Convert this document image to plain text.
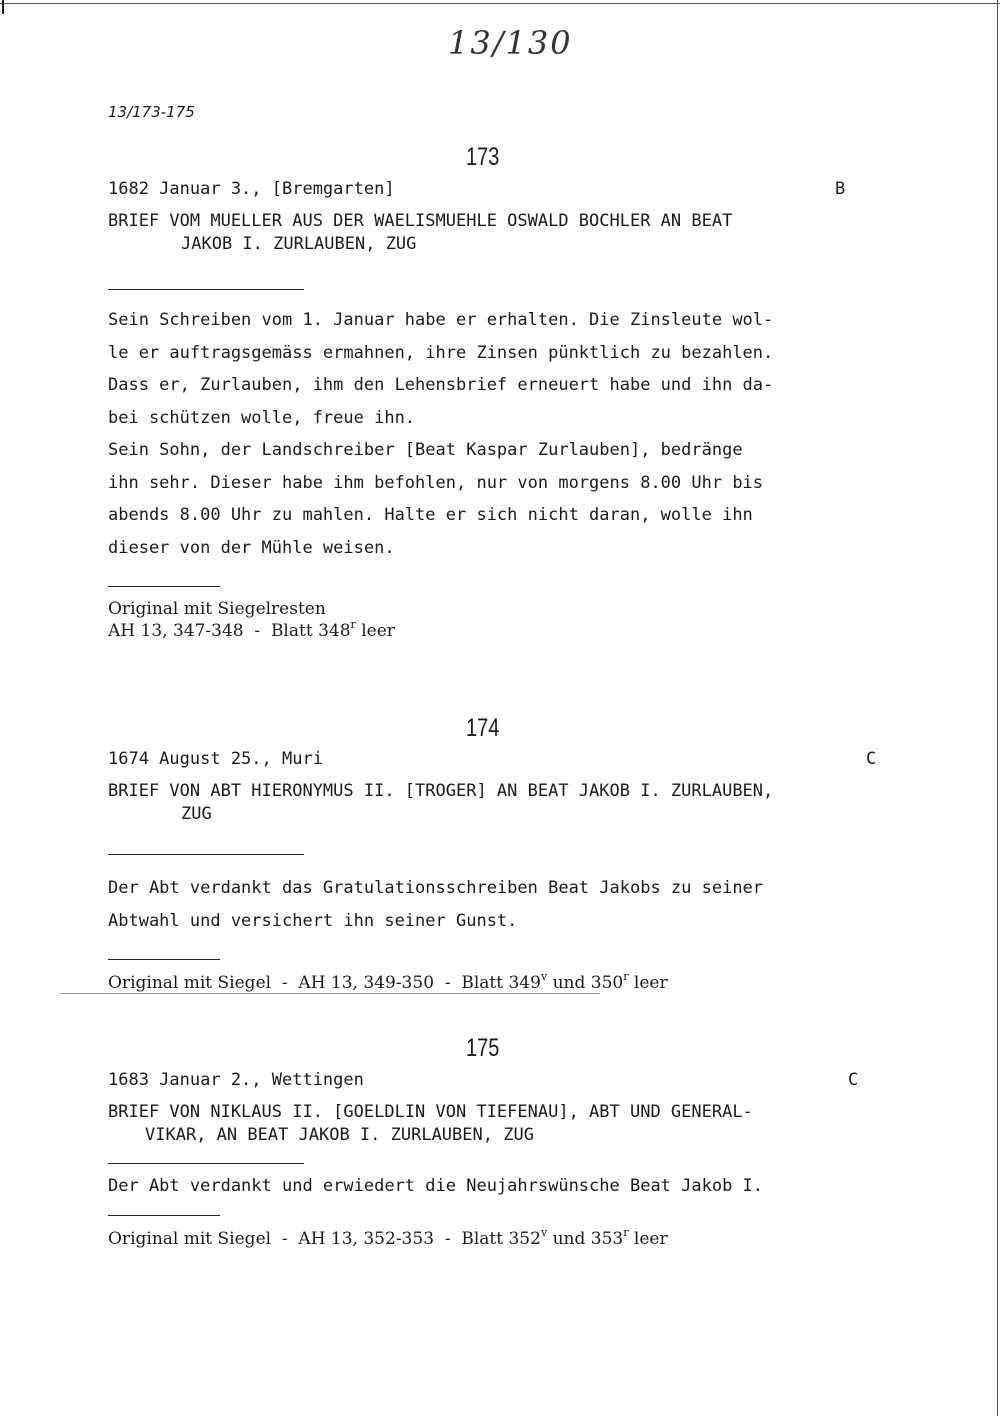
13/130
13/173-175
173
1682 Januar 3., [Bremgarten]	B
BRIEF VOM MUELLER AUS DER WAELISMUEHLE OSWALD BOCHLER AN BEAT
JAKOB I. ZURLAUBEN, ZUG
Sein Schreiben vom 1. Januar habe er erhalten. Die Zinsleute wol-
le er auftragsgemäss ermahnen, ihre Zinsen pünktlich zu bezahlen.
Dass er, Zurlauben, ihm den Lehensbrief erneuert habe und ihn da-
bei schützen wolle, freue ihn.
Sein Sohn, der Landschreiber [Beat Kaspar Zurlauben], bedränge
ihn sehr. Dieser habe ihm befohlen, nur von morgens 8.00 Uhr bis
abends 8.00 Uhr zu mahlen. Halte er sich nicht daran, wolle ihn
dieser von der Mühle weisen.
Original mit Siegelresten
AH 13, 347-348  -  Blatt 348$^r$ leer
174
1674 August 25., Muri	C
BRIEF VON ABT HIERONYMUS II. [TROGER] AN BEAT JAKOB I. ZURLAUBEN,
ZUG
Der Abt verdankt das Gratulationsschreiben Beat Jakobs zu seiner
Abtwahl und versichert ihn seiner Gunst.
Original mit Siegel  -  AH 13, 349-350  -  Blatt 349$^v$ und 350$^r$ leer
175
1683 Januar 2., Wettingen	C
BRIEF VON NIKLAUS II. [GOELDLIN VON TIEFENAU], ABT UND GENERAL-
VIKAR, AN BEAT JAKOB I. ZURLAUBEN, ZUG
Der Abt verdankt und erwiedert die Neujahrswünsche Beat Jakob I.
Original mit Siegel  -  AH 13, 352-353  -  Blatt 352$^v$ und 353$^r$ leer
